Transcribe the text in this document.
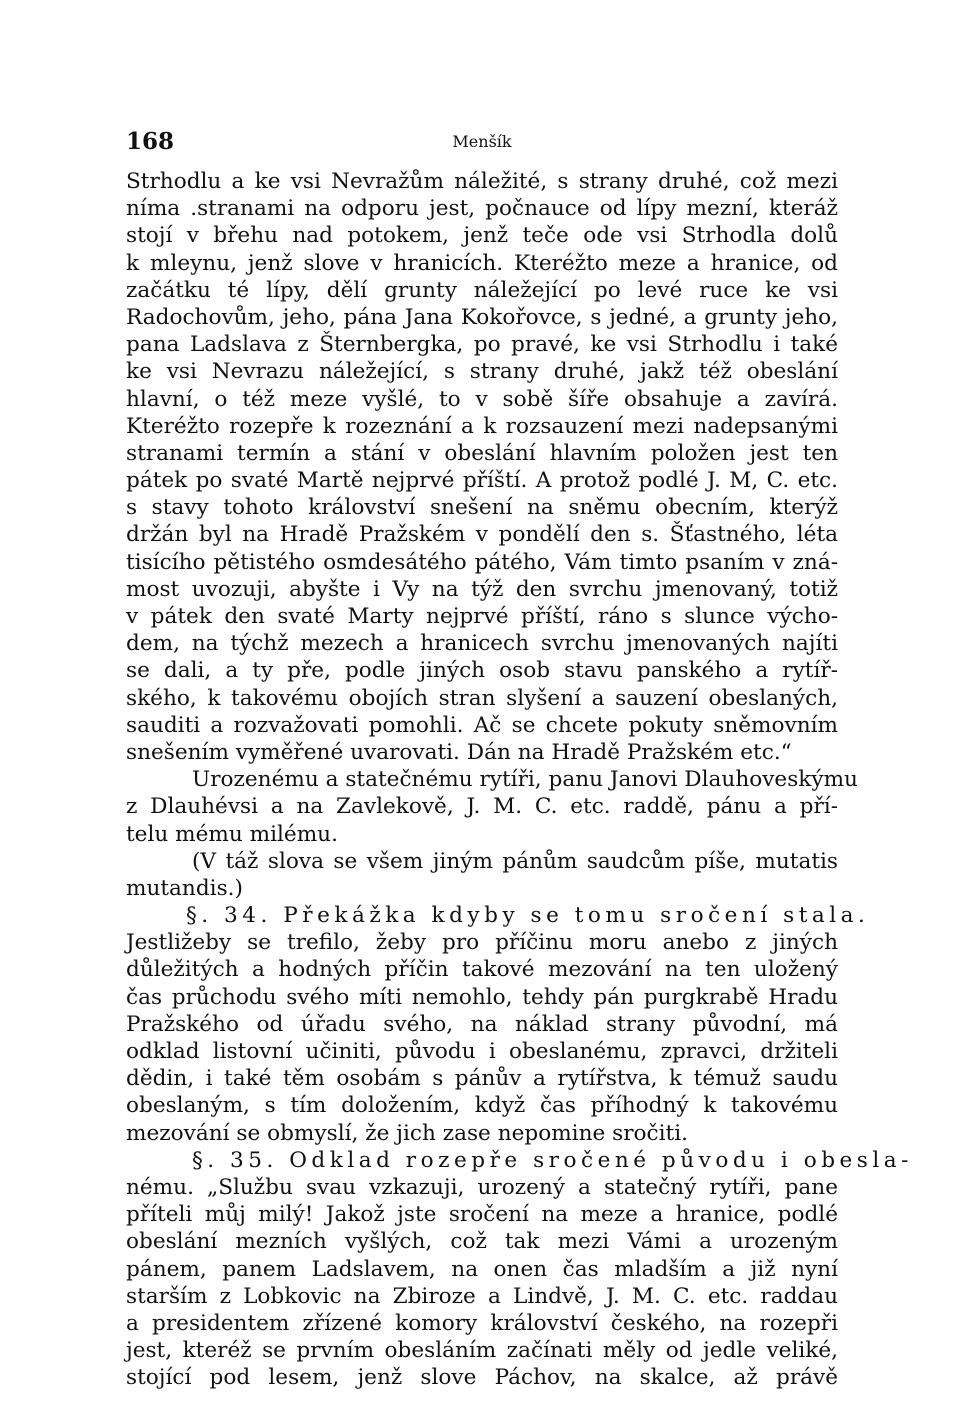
168	Menšík
Strhodlu a ke vsi Nevražům náležité, s strany druhé, což mezi
níma .stranami na odporu jest, počnauce od lípy mezní, kteráž
stojí v břehu nad potokem, jenž teče ode vsi Strhodla dolů
k mleynu, jenž slove v hranicích. Kteréžto meze a hranice, od
začátku té lípy, dělí grunty náležející po levé ruce ke vsi
Radochovům, jeho, pána Jana Kokořovce, s jedné, a grunty jeho,
pana Ladslava z Šternbergka, po pravé, ke vsi Strhodlu i také
ke vsi Nevrazu náležející, s strany druhé, jakž též obeslání
hlavní, o též meze vyšlé, to v sobě šíře obsahuje a zavírá.
Kteréžto rozepře k rozeznání a k rozsauzení mezi nadepsanými
stranami termín a stání v obeslání hlavním položen jest ten
pátek po svaté Martě nejprvé příští. A protož podlé J. M, C. etc.
s stavy tohoto království snešení na sněmu obecním, kterýž
držán byl na Hradě Pražském v pondělí den s. Šťastného, léta
tisícího pětistého osmdesátého pátého, Vám timto psaním v zná-
most uvozuji, abyšte i Vy na týž den svrchu jmenovaný, totiž
v pátek den svaté Marty nejprvé příští, ráno s slunce výcho-
dem, na týchž mezech a hranicech svrchu jmenovaných najíti
se dali, a ty pře, podle jiných osob stavu panského a rytíř-
ského, k takovému obojích stran slyšení a sauzení obeslaných,
sauditi a rozvažovati pomohli. Ač se chcete pokuty sněmovním
snešením vyměřené uvarovati. Dán na Hradě Pražském etc.“
Urozenému a statečnému rytíři, panu Janovi Dlauhoveskýmu
z Dlauhévsi a na Zavlekově, J. M. C. etc. raddě, pánu a pří-
telu mému milému.
(V táž slova se všem jiným pánům saudcům píše, mutatis
mutandis.)
§. 34. Překážka kdyby se tomu sročení stala.
Jestližeby se trefilo, žeby pro příčinu moru anebo z jiných
důležitých a hodných příčin takové mezování na ten uložený
čas průchodu svého míti nemohlo, tehdy pán purgkrabě Hradu
Pražského od úřadu svého, na náklad strany původní, má
odklad listovní učiniti, původu i obeslanému, zpravci, držiteli
dědin, i také těm osobám s pánův a rytířstva, k témuž saudu
obeslaným, s tím doložením, když čas příhodný k takovému
mezování se obmyslí, že jich zase nepomine sročiti.
§. 35. Odklad rozepře sročené původu i obesla-
nému. „Službu svau vzkazuji, urozený a statečný rytíři, pane
příteli můj milý! Jakož jste sročení na meze a hranice, podlé
obeslání mezních vyšlých, což tak mezi Vámi a urozeným
pánem, panem Ladslavem, na onen čas mladším a již nyní
starším z Lobkovic na Zbiroze a Lindvě, J. M. C. etc. raddau
a presidentem zřízené komory království českého, na rozepři
jest, kteréž se prvním obesláním začínati měly od jedle veliké,
stojící pod lesem, jenž slove Páchov, na skalce, až právě
